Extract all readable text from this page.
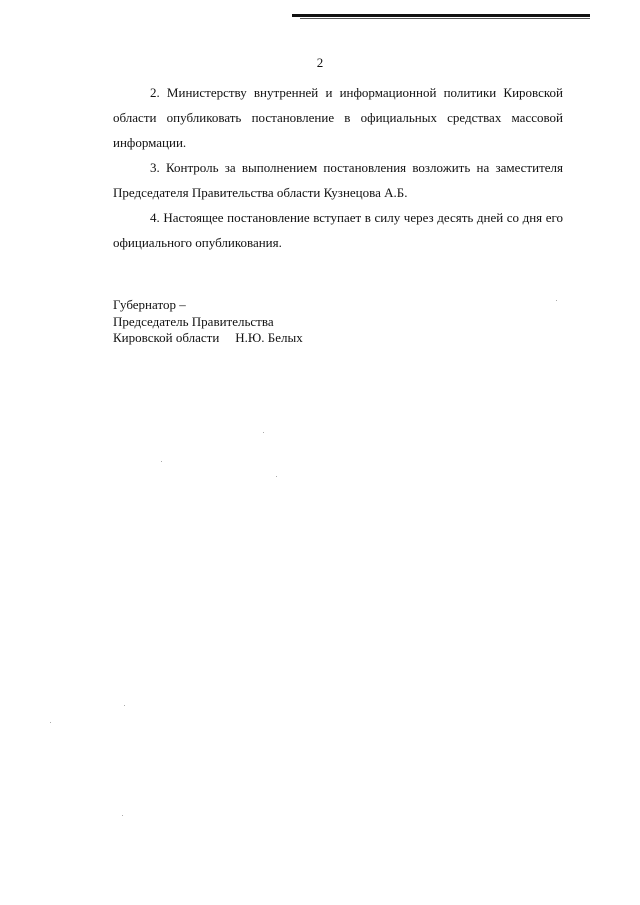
2

2. Министерству внутренней и информационной политики Кировской области опубликовать постановление в официальных средствах массовой информации.

3. Контроль за выполнением постановления возложить на заместителя Председателя Правительства области Кузнецова А.Б.

4. Настоящее постановление вступает в силу через десять дней со дня его официального опубликования.

Губернатор –
Председатель Правительства
Кировской области Н.Ю. Белых
